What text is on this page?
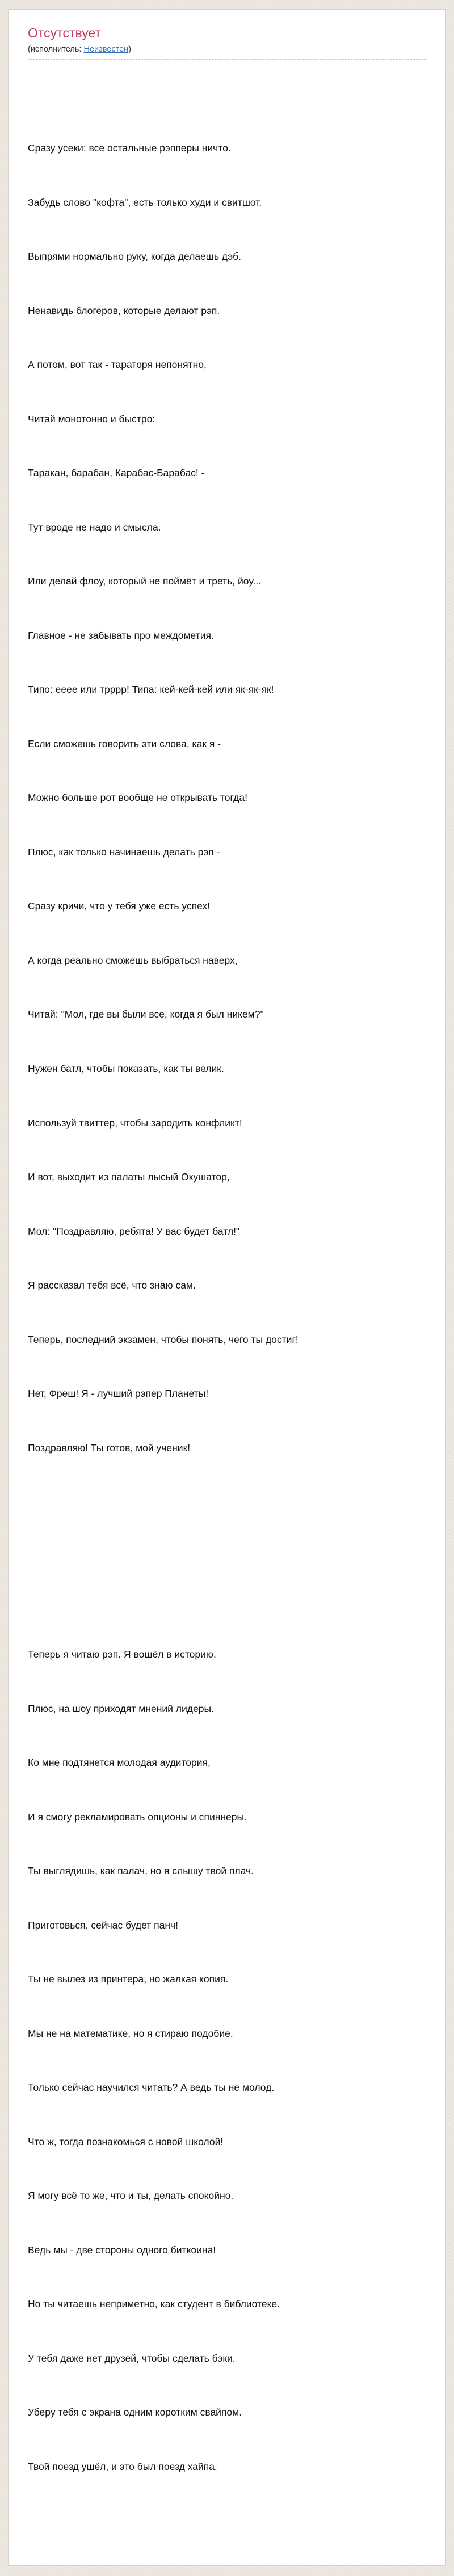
Отсутствует
(исполнитель: Неизвестен)

Сразу усеки: все остальные рэпперы ничто.

Забудь слово "кофта", есть только худи и свитшот.

Выпрями нормально руку, когда делаешь дэб.

Ненавидь блогеров, которые делают рэп.

А потом, вот так - тараторя непонятно,

Читай монотонно и быстро:

Таракан, барабан, Карабас-Барабас! -

Тут вроде не надо и смысла.

Или делай флоу, который не поймёт и треть, йоу...

Главное - не забывать про междометия.

Типо: ееее или трррр! Типа: кей-кей-кей или як-як-як!

Если сможешь говорить эти слова, как я -

Можно больше рот вообще не открывать тогда!

Плюс, как только начинаешь делать рэп -

Сразу кричи, что у тебя уже есть успех!

А когда реально сможешь выбраться наверх,

Читай: "Мол, где вы были все, когда я был никем?"

Нужен батл, чтобы показать, как ты велик.

Используй твиттер, чтобы зародить конфликт!

И вот, выходит из палаты лысый Окушатор,

Мол: "Поздравляю, ребята! У вас будет батл!"

Я рассказал тебя всё, что знаю сам.

Теперь, последний экзамен, чтобы понять, чего ты достиг!

Нет, Фреш! Я - лучший рэпер Планеты!

Поздравляю! Ты готов, мой ученик!

Теперь я читаю рэп. Я вошёл в историю.

Плюс, на шоу приходят мнений лидеры.

Ко мне подтянется молодая аудитория,

И я смогу рекламировать опционы и спиннеры.

Ты выглядишь, как палач, но я слышу твой плач.

Приготовься, сейчас будет панч!

Ты не вылез из принтера, но жалкая копия.

Мы не на математике, но я стираю подобие.

Только сейчас научился читать? А ведь ты не молод.

Что ж, тогда познакомься с новой школой!

Я могу всё то же, что и ты, делать спокойно.

Ведь мы - две стороны одного биткоина!

Но ты читаешь неприметно, как студент в библиотеке.

У тебя даже нет друзей, чтобы сделать бэки.

Уберу тебя с экрана одним коротким свайпом.

Твой поезд ушёл, и это был поезд хайпа.
